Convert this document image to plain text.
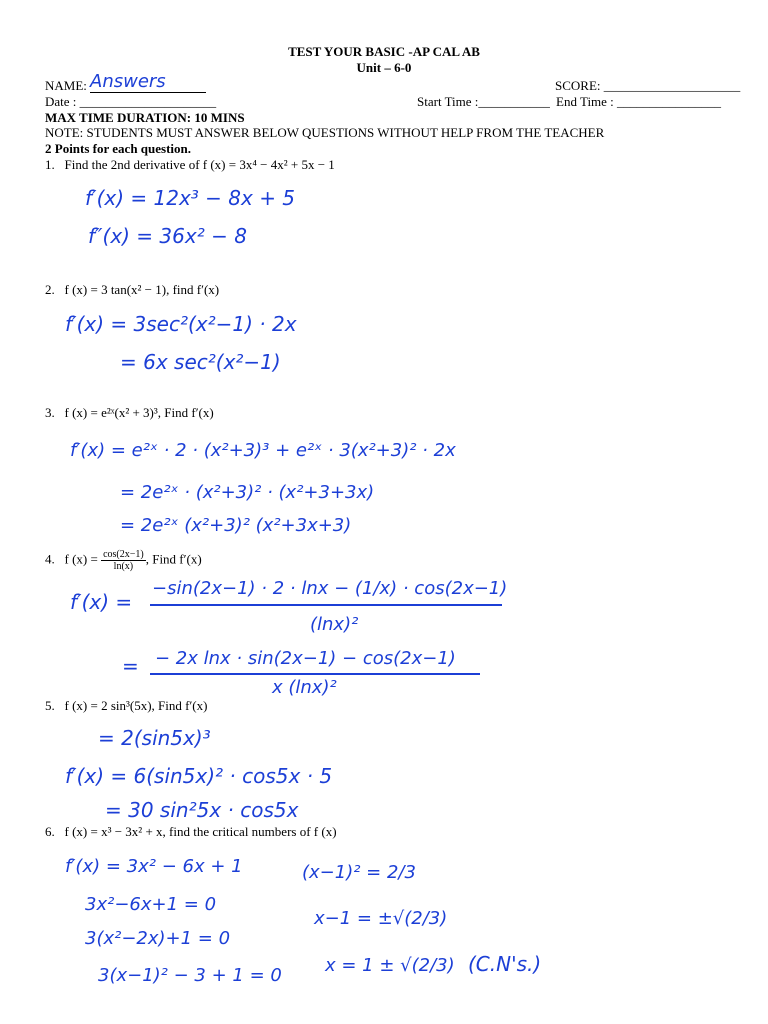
TEST YOUR BASIC -AP CAL AB
Unit – 6-0
NAME: Answers	SCORE: _____________________
Date : _____________________	Start Time :___________ End Time : ________________
MAX TIME DURATION: 10 MINS
NOTE: STUDENTS MUST ANSWER BELOW QUESTIONS WITHOUT HELP FROM THE TEACHER
2 Points for each question.
1. Find the 2nd derivative of f (x) = 3x⁴ − 4x² + 5x − 1
f′(x) = 12x³ − 8x + 5
f″(x) = 36x² − 8
2. f (x) = 3 tan(x² − 1), find f′(x)
f′(x) = 3sec²(x²−1) · 2x
= 6x sec²(x²−1)
3. f (x) = e²ˣ(x² + 3)³, Find f′(x)
f′(x) = e²ˣ · 2 · (x²+3)³ + e²ˣ · 3(x²+3)² · 2x
= 2e²ˣ · (x²+3)² · (x²+3+3x)
= 2e²ˣ (x²+3)² (x²+3x+3)
4. f $(x) = \frac{\cos(2x-1)}{\ln(x)}$ , Find f′(x)
f′(x) =
−sin(2x−1) · 2 · lnx − (1/x) · cos(2x−1)
(lnx)²
= − 2x lnx · sin(2x−1) − cos(2x−1)
x (lnx)²
5. f (x) = 2 sin³(5x), Find f′(x)
= 2(sin5x)³
f′(x) = 6(sin5x)² · cos5x · 5
= 30 sin²5x · cos5x
6. f (x) = x³ − 3x² + x, find the critical numbers of f (x)
f′(x) = 3x² − 6x + 1
3x²−6x+1 = 0
3(x²−2x)+1 = 0
3(x−1)² − 3 + 1 = 0
(x−1)² = 2/3
x−1 = ±√(2/3)
x = 1 ± √(2/3) (C.N's.)
